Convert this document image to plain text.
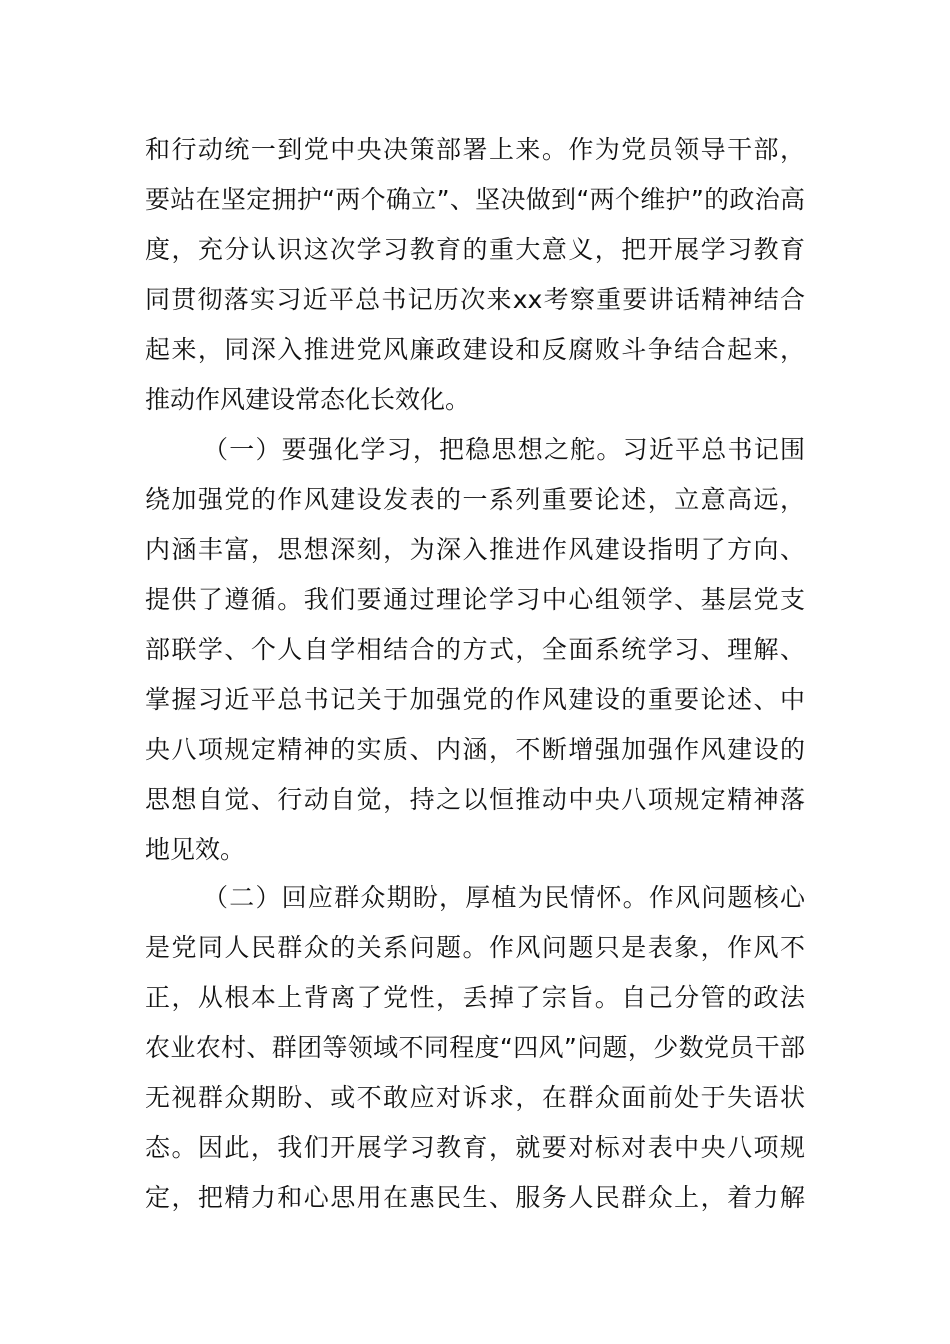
和行动统一到党中央决策部署上来。作为党员领导干部，
要站在坚定拥护“两个确立”、坚决做到“两个维护”的政治高
度，充分认识这次学习教育的重大意义，把开展学习教育
同贯彻落实习近平总书记历次来xx考察重要讲话精神结合
起来，同深入推进党风廉政建设和反腐败斗争结合起来，
推动作风建设常态化长效化。
（一）要强化学习，把稳思想之舵。习近平总书记围
绕加强党的作风建设发表的一系列重要论述，立意高远，
内涵丰富，思想深刻，为深入推进作风建设指明了方向、
提供了遵循。我们要通过理论学习中心组领学、基层党支
部联学、个人自学相结合的方式，全面系统学习、理解、
掌握习近平总书记关于加强党的作风建设的重要论述、中
央八项规定精神的实质、内涵，不断增强加强作风建设的
思想自觉、行动自觉，持之以恒推动中央八项规定精神落
地见效。
（二）回应群众期盼，厚植为民情怀。作风问题核心
是党同人民群众的关系问题。作风问题只是表象，作风不
正，从根本上背离了党性，丢掉了宗旨。自己分管的政法
农业农村、群团等领域不同程度“四风”问题，少数党员干部
无视群众期盼、或不敢应对诉求，在群众面前处于失语状
态。因此，我们开展学习教育，就要对标对表中央八项规
定，把精力和心思用在惠民生、服务人民群众上，着力解
